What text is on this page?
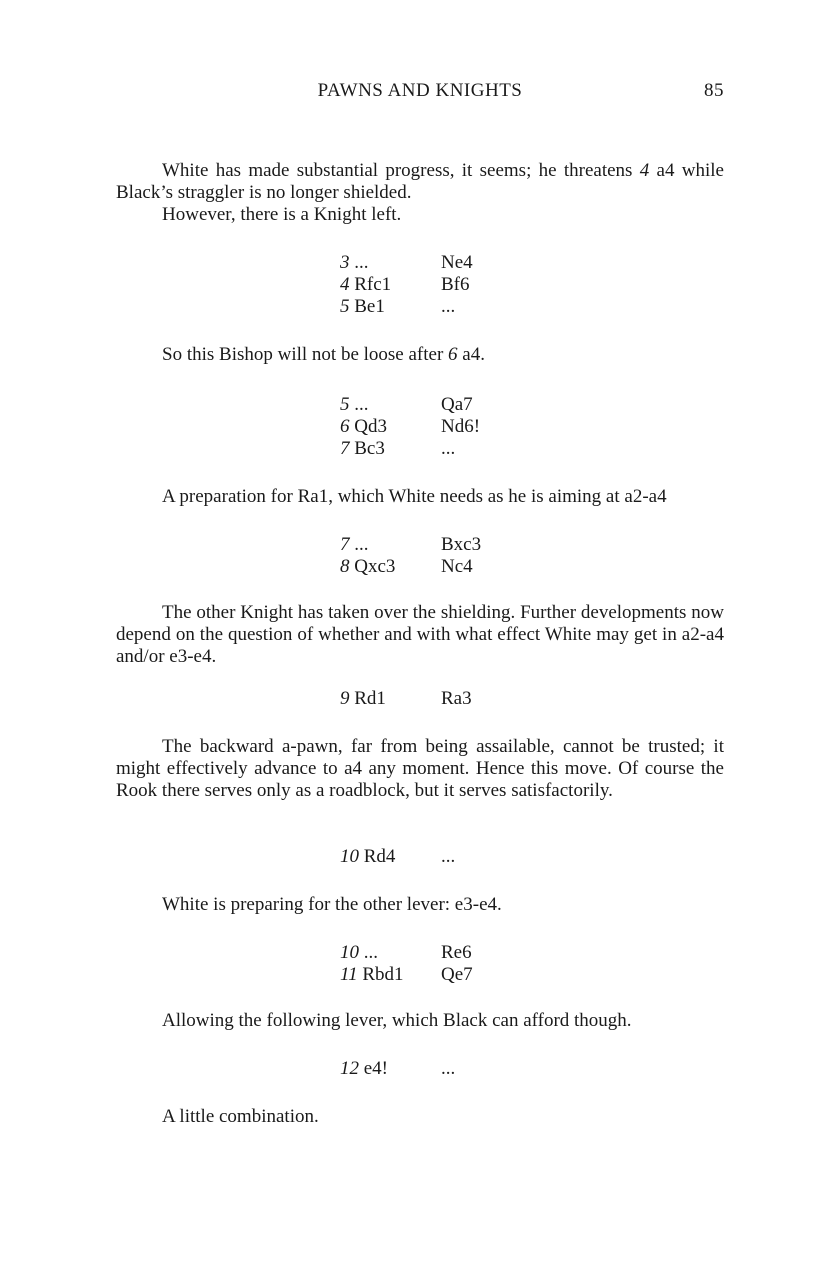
PAWNS AND KNIGHTS	85

White has made substantial progress, it seems; he threatens 4 a4 while Black’s straggler is no longer shielded.

However, there is a Knight left.

3 ...	Ne4
4 Rfc1	Bf6
5 Be1	...

So this Bishop will not be loose after 6 a4.

5 ...	Qa7
6 Qd3	Nd6!
7 Bc3	...

A preparation for Ra1, which White needs as he is aiming at a2-a4

7 ...	Bxc3
8 Qxc3 Nc4

The other Knight has taken over the shielding. Further developments now depend on the question of whether and with what effect White may get in a2-a4 and/or e3-e4.

9 Rd1	Ra3

The backward a-pawn, far from being assailable, cannot be trusted; it might effectively advance to a4 any moment. Hence this move. Of course the Rook there serves only as a roadblock, but it serves satisfactorily.

10 Rd4 ...

White is preparing for the other lever: e3-e4.

10 ...	Re6
11 Rbd1 Qe7

Allowing the following lever, which Black can afford though.

12 e4!	...

A little combination.
